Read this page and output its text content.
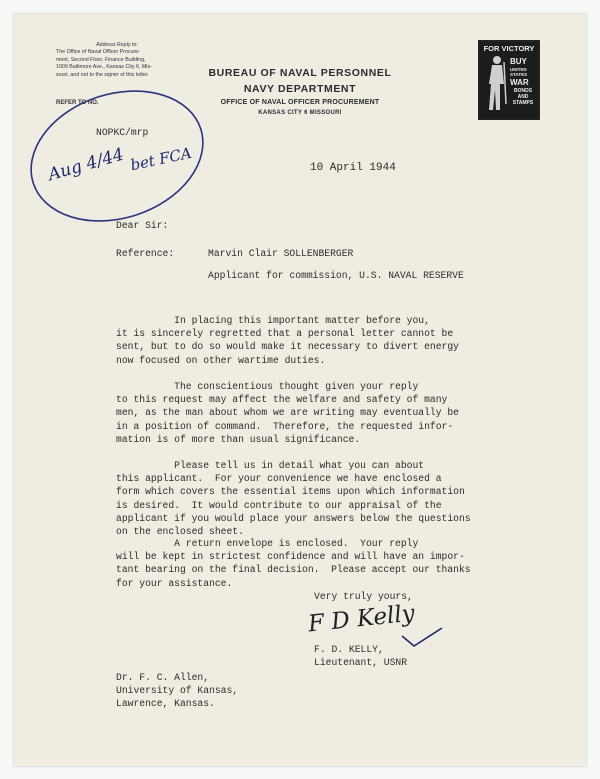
Address Reply to:
The Office of Naval Officer Procure-
ment, Second Floor, Finance Building,
1009 Baltimore Ave., Kansas City 6, Mis-
souri, and not to the signer of this letter.
REFER TO NO.
BUREAU OF NAVAL PERSONNEL
NAVY DEPARTMENT
OFFICE OF NAVAL OFFICER PROCUREMENT
KANSAS CITY 6 MISSOURI
FOR VICTORY
BUY
UNITED STATES
WAR
BONDS AND STAMPS
NOPKC/mrp
Aug 4/44 bet FCA	10 April 1944
Dear Sir:
Reference:	Marvin Clair SOLLENBERGER
Applicant for commission, U.S. NAVAL RESERVE
In placing this important matter before you,
it is sincerely regretted that a personal letter cannot be
sent, but to do so would make it necessary to divert energy
now focused on other wartime duties.
The conscientious thought given your reply
to this request may affect the welfare and safety of many
men, as the man about whom we are writing may eventually be
in a position of command.  Therefore, the requested infor-
mation is of more than usual significance.
Please tell us in detail what you can about
this applicant.  For your convenience we have enclosed a
form which covers the essential items upon which information
is desired.  It would contribute to our appraisal of the
applicant if you would place your answers below the questions
on the enclosed sheet.
A return envelope is enclosed.  Your reply
will be kept in strictest confidence and will have an impor-
tant bearing on the final decision.  Please accept our thanks
for your assistance.
Very truly yours,
F D Kelly
F. D. KELLY,
Lieutenant, USNR
Dr. F. C. Allen,
University of Kansas,
Lawrence, Kansas.
